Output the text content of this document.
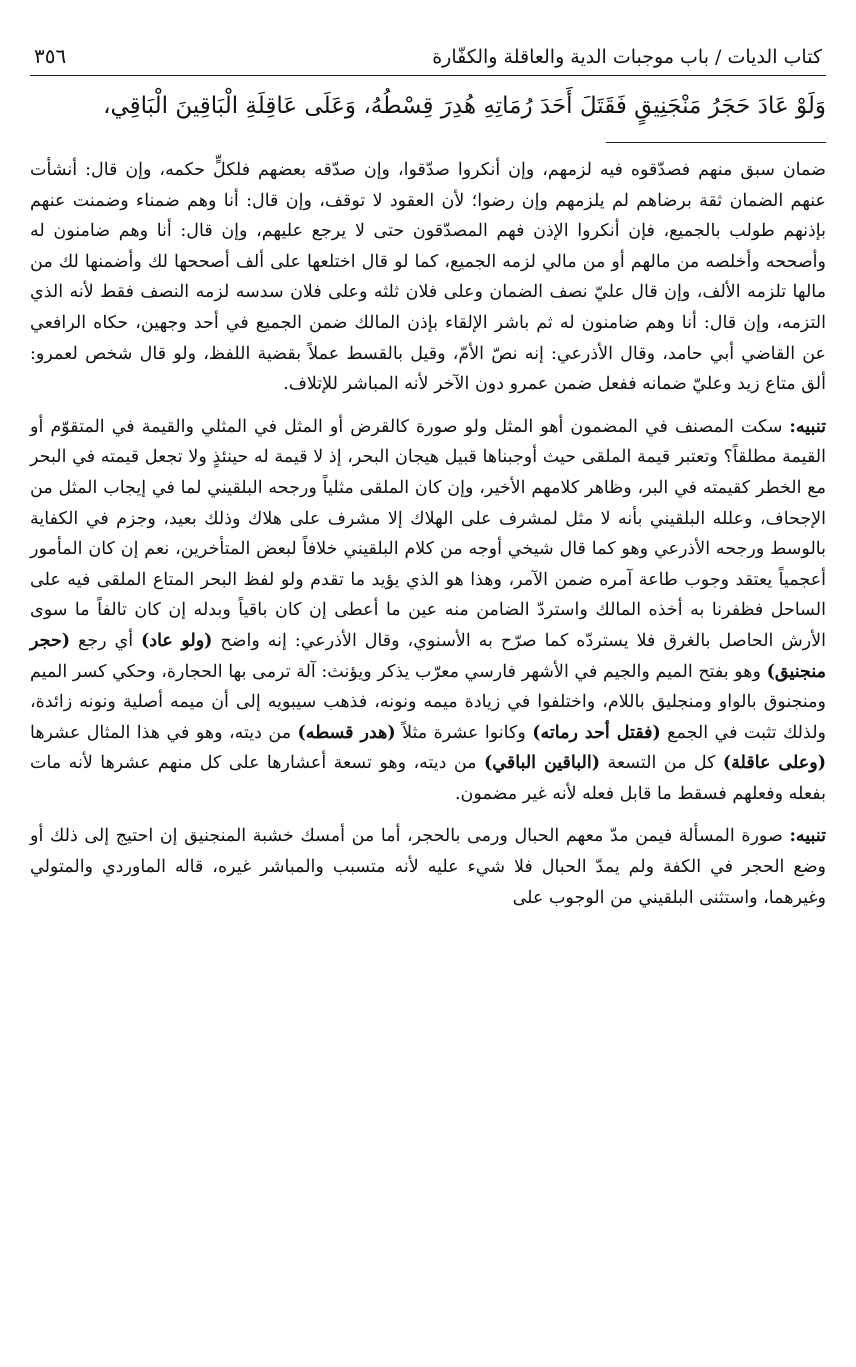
كتاب الديات / باب موجبات الدية والعاقلة والكفّارة
٣٥٦

وَلَوْ عَادَ حَجَرُ مَنْجَنِيقٍ فَقَتَلَ أَحَدَ رُمَاتِهِ هُدِرَ قِسْطُهُ، وَعَلَى عَاقِلَةِ الْبَاقِينَ الْبَاقِي،

ضمان سبق منهم فصدّقوه فيه لزمهم، وإن أنكروا صدّقوا، وإن صدّقه بعضهم فلكلٍّ حكمه، وإن قال: أنشأت عنهم الضمان ثقة برضاهم لم يلزمهم وإن رضوا؛ لأن العقود لا توقف، وإن قال: أنا وهم ضمناء وضمنت عنهم بإذنهم طولب بالجميع، فإن أنكروا الإذن فهم المصدّقون حتى لا يرجع عليهم، وإن قال: أنا وهم ضامنون له وأصححه وأخلصه من مالهم أو من مالي لزمه الجميع، كما لو قال اختلعها على ألف أصححها لك وأضمنها لك من مالها تلزمه الألف، وإن قال عليّ نصف الضمان وعلى فلان ثلثه وعلى فلان سدسه لزمه النصف فقط لأنه الذي التزمه، وإن قال: أنا وهم ضامنون له ثم باشر الإلقاء بإذن المالك ضمن الجميع في أحد وجهين، حكاه الرافعي عن القاضي أبي حامد، وقال الأذرعي: إنه نصّ الأمّ، وقيل بالقسط عملاً بقضية اللفظ، ولو قال شخص لعمرو: ألق متاع زيد وعليّ ضمانه ففعل ضمن عمرو دون الآخر لأنه المباشر للإتلاف.

تنبيه: سكت المصنف في المضمون أهو المثل ولو صورة كالقرض أو المثل في المثلي والقيمة في المتقوّم أو القيمة مطلقاً؟ وتعتبر قيمة الملقى حيث أوجبناها قبيل هيجان البحر، إذ لا قيمة له حينئذٍ ولا تجعل قيمته في البحر مع الخطر كقيمته في البر، وظاهر كلامهم الأخير، وإن كان الملقى مثلياً ورجحه البلقيني لما في إيجاب المثل من الإجحاف، وعلله البلقيني بأنه لا مثل لمشرف على الهلاك إلا مشرف على هلاك وذلك بعيد، وجزم في الكفاية بالوسط ورجحه الأذرعي وهو كما قال شيخي أوجه من كلام البلقيني خلافاً لبعض المتأخرين، نعم إن كان المأمور أعجمياً يعتقد وجوب طاعة آمره ضمن الآمر، وهذا هو الذي يؤيد ما تقدم ولو لفظ البحر المتاع الملقى فيه على الساحل فظفرنا به أخذه المالك واستردّ الضامن منه عين ما أعطى إن كان باقياً وبدله إن كان تالفاً ما سوى الأرش الحاصل بالغرق فلا يستردّه كما صرّح به الأسنوي، وقال الأذرعي: إنه واضح (ولو عاد) أي رجع (حجر منجنيق) وهو بفتح الميم والجيم في الأشهر فارسي معرّب يذكر ويؤنث: آلة ترمى بها الحجارة، وحكي كسر الميم ومنجنوق بالواو ومنجليق باللام، واختلفوا في زيادة ميمه ونونه، فذهب سيبويه إلى أن ميمه أصلية ونونه زائدة، ولذلك تثبت في الجمع (فقتل أحد رماته) وكانوا عشرة مثلاً (هدر قسطه) من ديته، وهو في هذا المثال عشرها (وعلى عاقلة) كل من التسعة (الباقين الباقي) من ديته، وهو تسعة أعشارها على كل منهم عشرها لأنه مات بفعله وفعلهم فسقط ما قابل فعله لأنه غير مضمون.

تنبيه: صورة المسألة فيمن مدّ معهم الحبال ورمى بالحجر، أما من أمسك خشبة المنجنيق إن احتيج إلى ذلك أو وضع الحجر في الكفة ولم يمدّ الحبال فلا شيء عليه لأنه متسبب والمباشر غيره، قاله الماوردي والمتولي وغيرهما، واستثنى البلقيني من الوجوب على
